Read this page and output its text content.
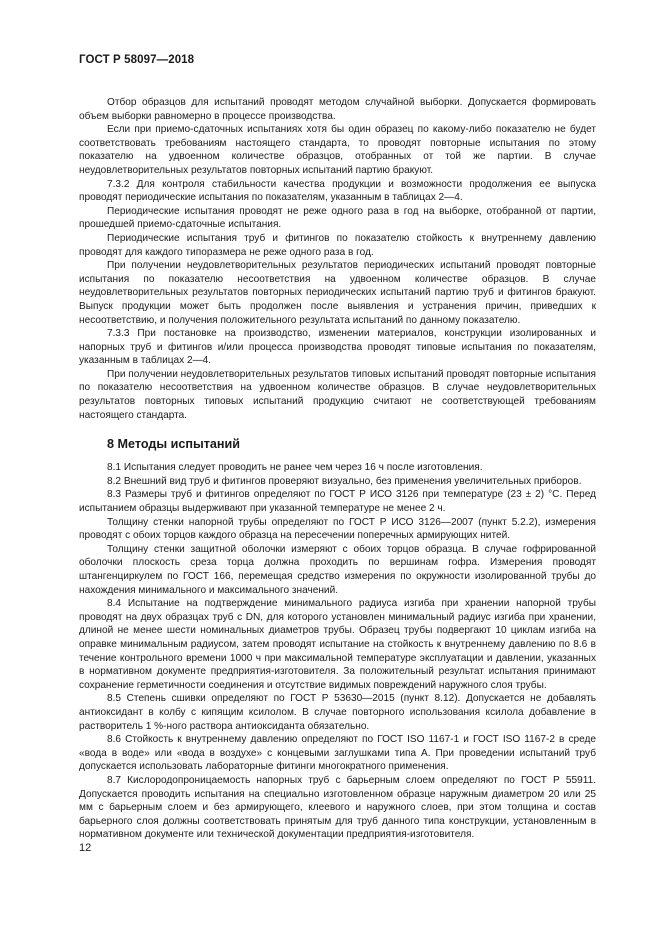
ГОСТ Р 58097—2018

Отбор образцов для испытаний проводят методом случайной выборки. Допускается формировать объем выборки равномерно в процессе производства.

Если при приемо-сдаточных испытаниях хотя бы один образец по какому-либо показателю не будет соответствовать требованиям настоящего стандарта, то проводят повторные испытания по этому показателю на удвоенном количестве образцов, отобранных от той же партии. В случае неудовлетворительных результатов повторных испытаний партию бракуют.

7.3.2 Для контроля стабильности качества продукции и возможности продолжения ее выпуска проводят периодические испытания по показателям, указанным в таблицах 2—4.

Периодические испытания проводят не реже одного раза в год на выборке, отобранной от партии, прошедшей приемо-сдаточные испытания.

Периодические испытания труб и фитингов по показателю стойкость к внутреннему давлению проводят для каждого типоразмера не реже одного раза в год.

При получении неудовлетворительных результатов периодических испытаний проводят повторные испытания по показателю несоответствия на удвоенном количестве образцов. В случае неудовлетворительных результатов повторных периодических испытаний партию труб и фитингов бракуют. Выпуск продукции может быть продолжен после выявления и устранения причин, приведших к несоответствию, и получения положительного результата испытаний по данному показателю.

7.3.3 При постановке на производство, изменении материалов, конструкции изолированных и напорных труб и фитингов и/или процесса производства проводят типовые испытания по показателям, указанным в таблицах 2—4.

При получении неудовлетворительных результатов типовых испытаний проводят повторные испытания по показателю несоответствия на удвоенном количестве образцов. В случае неудовлетворительных результатов повторных типовых испытаний продукцию считают не соответствующей требованиям настоящего стандарта.

8 Методы испытаний

8.1 Испытания следует проводить не ранее чем через 16 ч после изготовления.

8.2 Внешний вид труб и фитингов проверяют визуально, без применения увеличительных приборов.

8.3 Размеры труб и фитингов определяют по ГОСТ Р ИСО 3126 при температуре (23 ± 2) °С. Перед испытанием образцы выдерживают при указанной температуре не менее 2 ч.

Толщину стенки напорной трубы определяют по ГОСТ Р ИСО 3126—2007 (пункт 5.2.2), измерения проводят с обоих торцов каждого образца на пересечении поперечных армирующих нитей.

Толщину стенки защитной оболочки измеряют с обоих торцов образца. В случае гофрированной оболочки плоскость среза торца должна проходить по вершинам гофра. Измерения проводят штангенциркулем по ГОСТ 166, перемещая средство измерения по окружности изолированной трубы до нахождения минимального и максимального значений.

8.4 Испытание на подтверждение минимального радиуса изгиба при хранении напорной трубы проводят на двух образцах труб с DN, для которого установлен минимальный радиус изгиба при хранении, длиной не менее шести номинальных диаметров трубы. Образец трубы подвергают 10 циклам изгиба на оправке минимальным радиусом, затем проводят испытание на стойкость к внутреннему давлению по 8.6 в течение контрольного времени 1000 ч при максимальной температуре эксплуатации и давлении, указанных в нормативном документе предприятия-изготовителя. За положительный результат испытания принимают сохранение герметичности соединения и отсутствие видимых повреждений наружного слоя трубы.

8.5 Степень сшивки определяют по ГОСТ Р 53630—2015 (пункт 8.12). Допускается не добавлять антиоксидант в колбу с кипящим ксилолом. В случае повторного использования ксилола добавление в растворитель 1 %-ного раствора антиоксиданта обязательно.

8.6 Стойкость к внутреннему давлению определяют по ГОСТ ISO 1167-1 и ГОСТ ISO 1167-2 в среде «вода в воде» или «вода в воздухе» с концевыми заглушками типа А. При проведении испытаний труб допускается использовать лабораторные фитинги многократного применения.

8.7 Кислородопроницаемость напорных труб с барьерным слоем определяют по ГОСТ Р 55911. Допускается проводить испытания на специально изготовленном образце наружным диаметром 20 или 25 мм с барьерным слоем и без армирующего, клеевого и наружного слоев, при этом толщина и состав барьерного слоя должны соответствовать принятым для труб данного типа конструкции, установленным в нормативном документе или технической документации предприятия-изготовителя.

12
